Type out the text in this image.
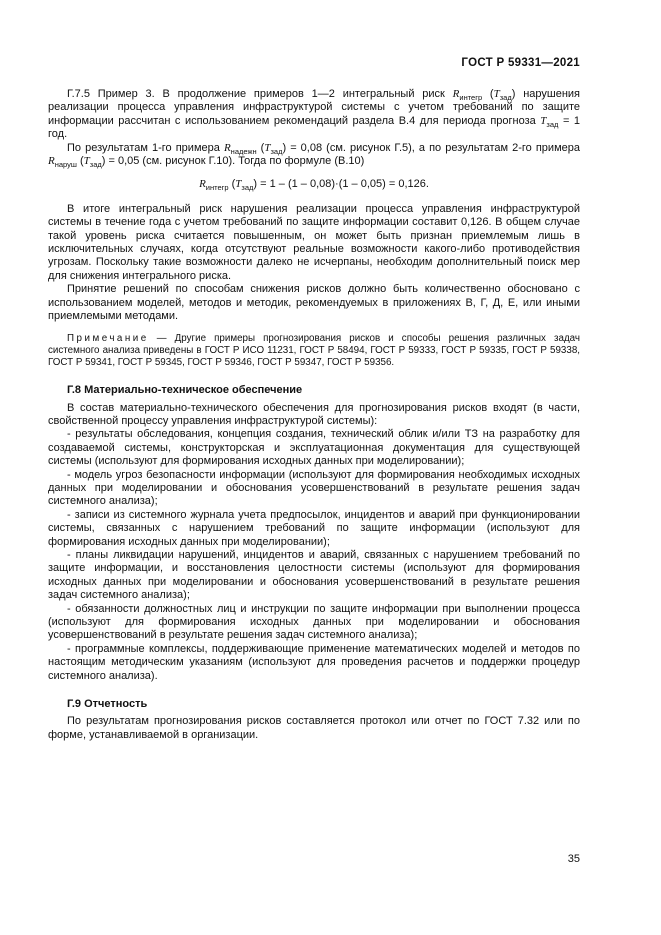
ГОСТ Р 59331—2021

Г.7.5 Пример 3. В продолжение примеров 1—2 интегральный риск $R_{интегр}$ $(T_{зад})$ нарушения реализации процесса управления инфраструктурой системы с учетом требований по защите информации рассчитан с использованием рекомендаций раздела В.4 для периода прогноза $T_{зад} = 1$ год.

По результатам 1-го примера $R_{надежн}$ $(T_{зад}) = 0,08$ (см. рисунок Г.5), а по результатам 2-го примера $R_{наруш}$ $(T_{зад}) = 0,05$ (см. рисунок Г.10). Тогда по формуле (В.10)

$R_{интегр}$ $(T_{зад}) = 1 - (1 - 0,08)\cdot(1 - 0,05) = 0,126$.

В итоге интегральный риск нарушения реализации процесса управления инфраструктурой системы в течение года с учетом требований по защите информации составит 0,126. В общем случае такой уровень риска считается повышенным, он может быть признан приемлемым лишь в исключительных случаях, когда отсутствуют реальные возможности какого-либо противодействия угрозам. Поскольку такие возможности далеко не исчерпаны, необходим дополнительный поиск мер для снижения интегрального риска.

Принятие решений по способам снижения рисков должно быть количественно обосновано с использованием моделей, методов и методик, рекомендуемых в приложениях В, Г, Д, Е, или иными приемлемыми методами.

Примечание — Другие примеры прогнозирования рисков и способы решения различных задач системного анализа приведены в ГОСТ Р ИСО 11231, ГОСТ Р 58494, ГОСТ Р 59333, ГОСТ Р 59335, ГОСТ Р 59338, ГОСТ Р 59341, ГОСТ Р 59345, ГОСТ Р 59346, ГОСТ Р 59347, ГОСТ Р 59356.

Г.8 Материально-техническое обеспечение

В состав материально-технического обеспечения для прогнозирования рисков входят (в части, свойственной процессу управления инфраструктурой системы):

- результаты обследования, концепция создания, технический облик и/или ТЗ на разработку для создаваемой системы, конструкторская и эксплуатационная документация для существующей системы (используют для формирования исходных данных при моделировании);

- модель угроз безопасности информации (используют для формирования необходимых исходных данных при моделировании и обоснования усовершенствований в результате решения задач системного анализа);

- записи из системного журнала учета предпосылок, инцидентов и аварий при функционировании системы, связанных с нарушением требований по защите информации (используют для формирования исходных данных при моделировании);

- планы ликвидации нарушений, инцидентов и аварий, связанных с нарушением требований по защите информации, и восстановления целостности системы (используют для формирования исходных данных при моделировании и обоснования усовершенствований в результате решения задач системного анализа);

- обязанности должностных лиц и инструкции по защите информации при выполнении процесса (используют для формирования исходных данных при моделировании и обоснования усовершенствований в результате решения задач системного анализа);

- программные комплексы, поддерживающие применение математических моделей и методов по настоящим методическим указаниям (используют для проведения расчетов и поддержки процедур системного анализа).

Г.9 Отчетность

По результатам прогнозирования рисков составляется протокол или отчет по ГОСТ 7.32 или по форме, устанавливаемой в организации.

35
